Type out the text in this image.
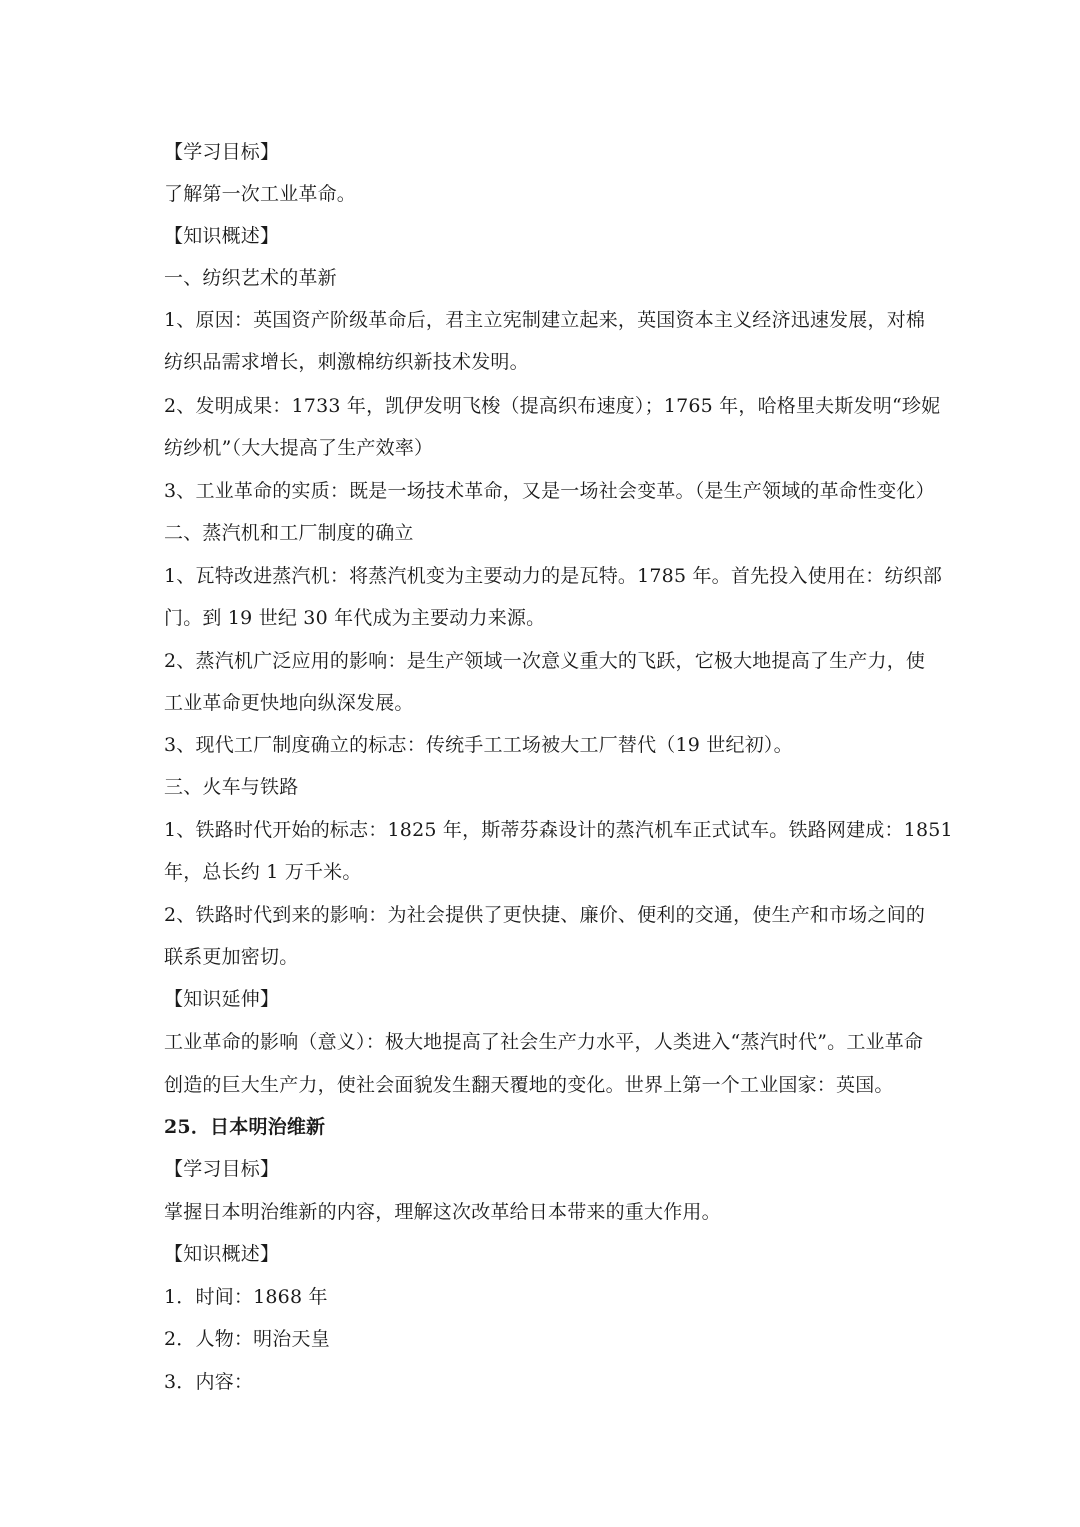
【学习目标】
了解第一次工业革命。
【知识概述】
一、纺织艺术的革新
1、原因：英国资产阶级革命后，君主立宪制建立起来，英国资本主义经济迅速发展，对棉
纺织品需求增长，刺激棉纺织新技术发明。
2、发明成果：1733 年，凯伊发明飞梭（提高织布速度）；1765 年，哈格里夫斯发明“珍妮
纺纱机”（大大提高了生产效率）
3、工业革命的实质：既是一场技术革命，又是一场社会变革。（是生产领域的革命性变化）
二、蒸汽机和工厂制度的确立
1、瓦特改进蒸汽机：将蒸汽机变为主要动力的是瓦特。1785 年。首先投入使用在：纺织部
门。到 19 世纪 30 年代成为主要动力来源。
2、蒸汽机广泛应用的影响：是生产领域一次意义重大的飞跃，它极大地提高了生产力，使
工业革命更快地向纵深发展。
3、现代工厂制度确立的标志：传统手工工场被大工厂替代（19 世纪初）。
三、火车与铁路
1、铁路时代开始的标志：1825 年，斯蒂芬森设计的蒸汽机车正式试车。铁路网建成：1851
年，总长约 1 万千米。
2、铁路时代到来的影响：为社会提供了更快捷、廉价、便利的交通，使生产和市场之间的
联系更加密切。
【知识延伸】
工业革命的影响（意义）：极大地提高了社会生产力水平，人类进入“蒸汽时代”。工业革命
创造的巨大生产力，使社会面貌发生翻天覆地的变化。世界上第一个工业国家：英国。
25．日本明治维新
【学习目标】
掌握日本明治维新的内容，理解这次改革给日本带来的重大作用。
【知识概述】
1．时间：1868 年
2．人物：明治天皇
3．内容：
